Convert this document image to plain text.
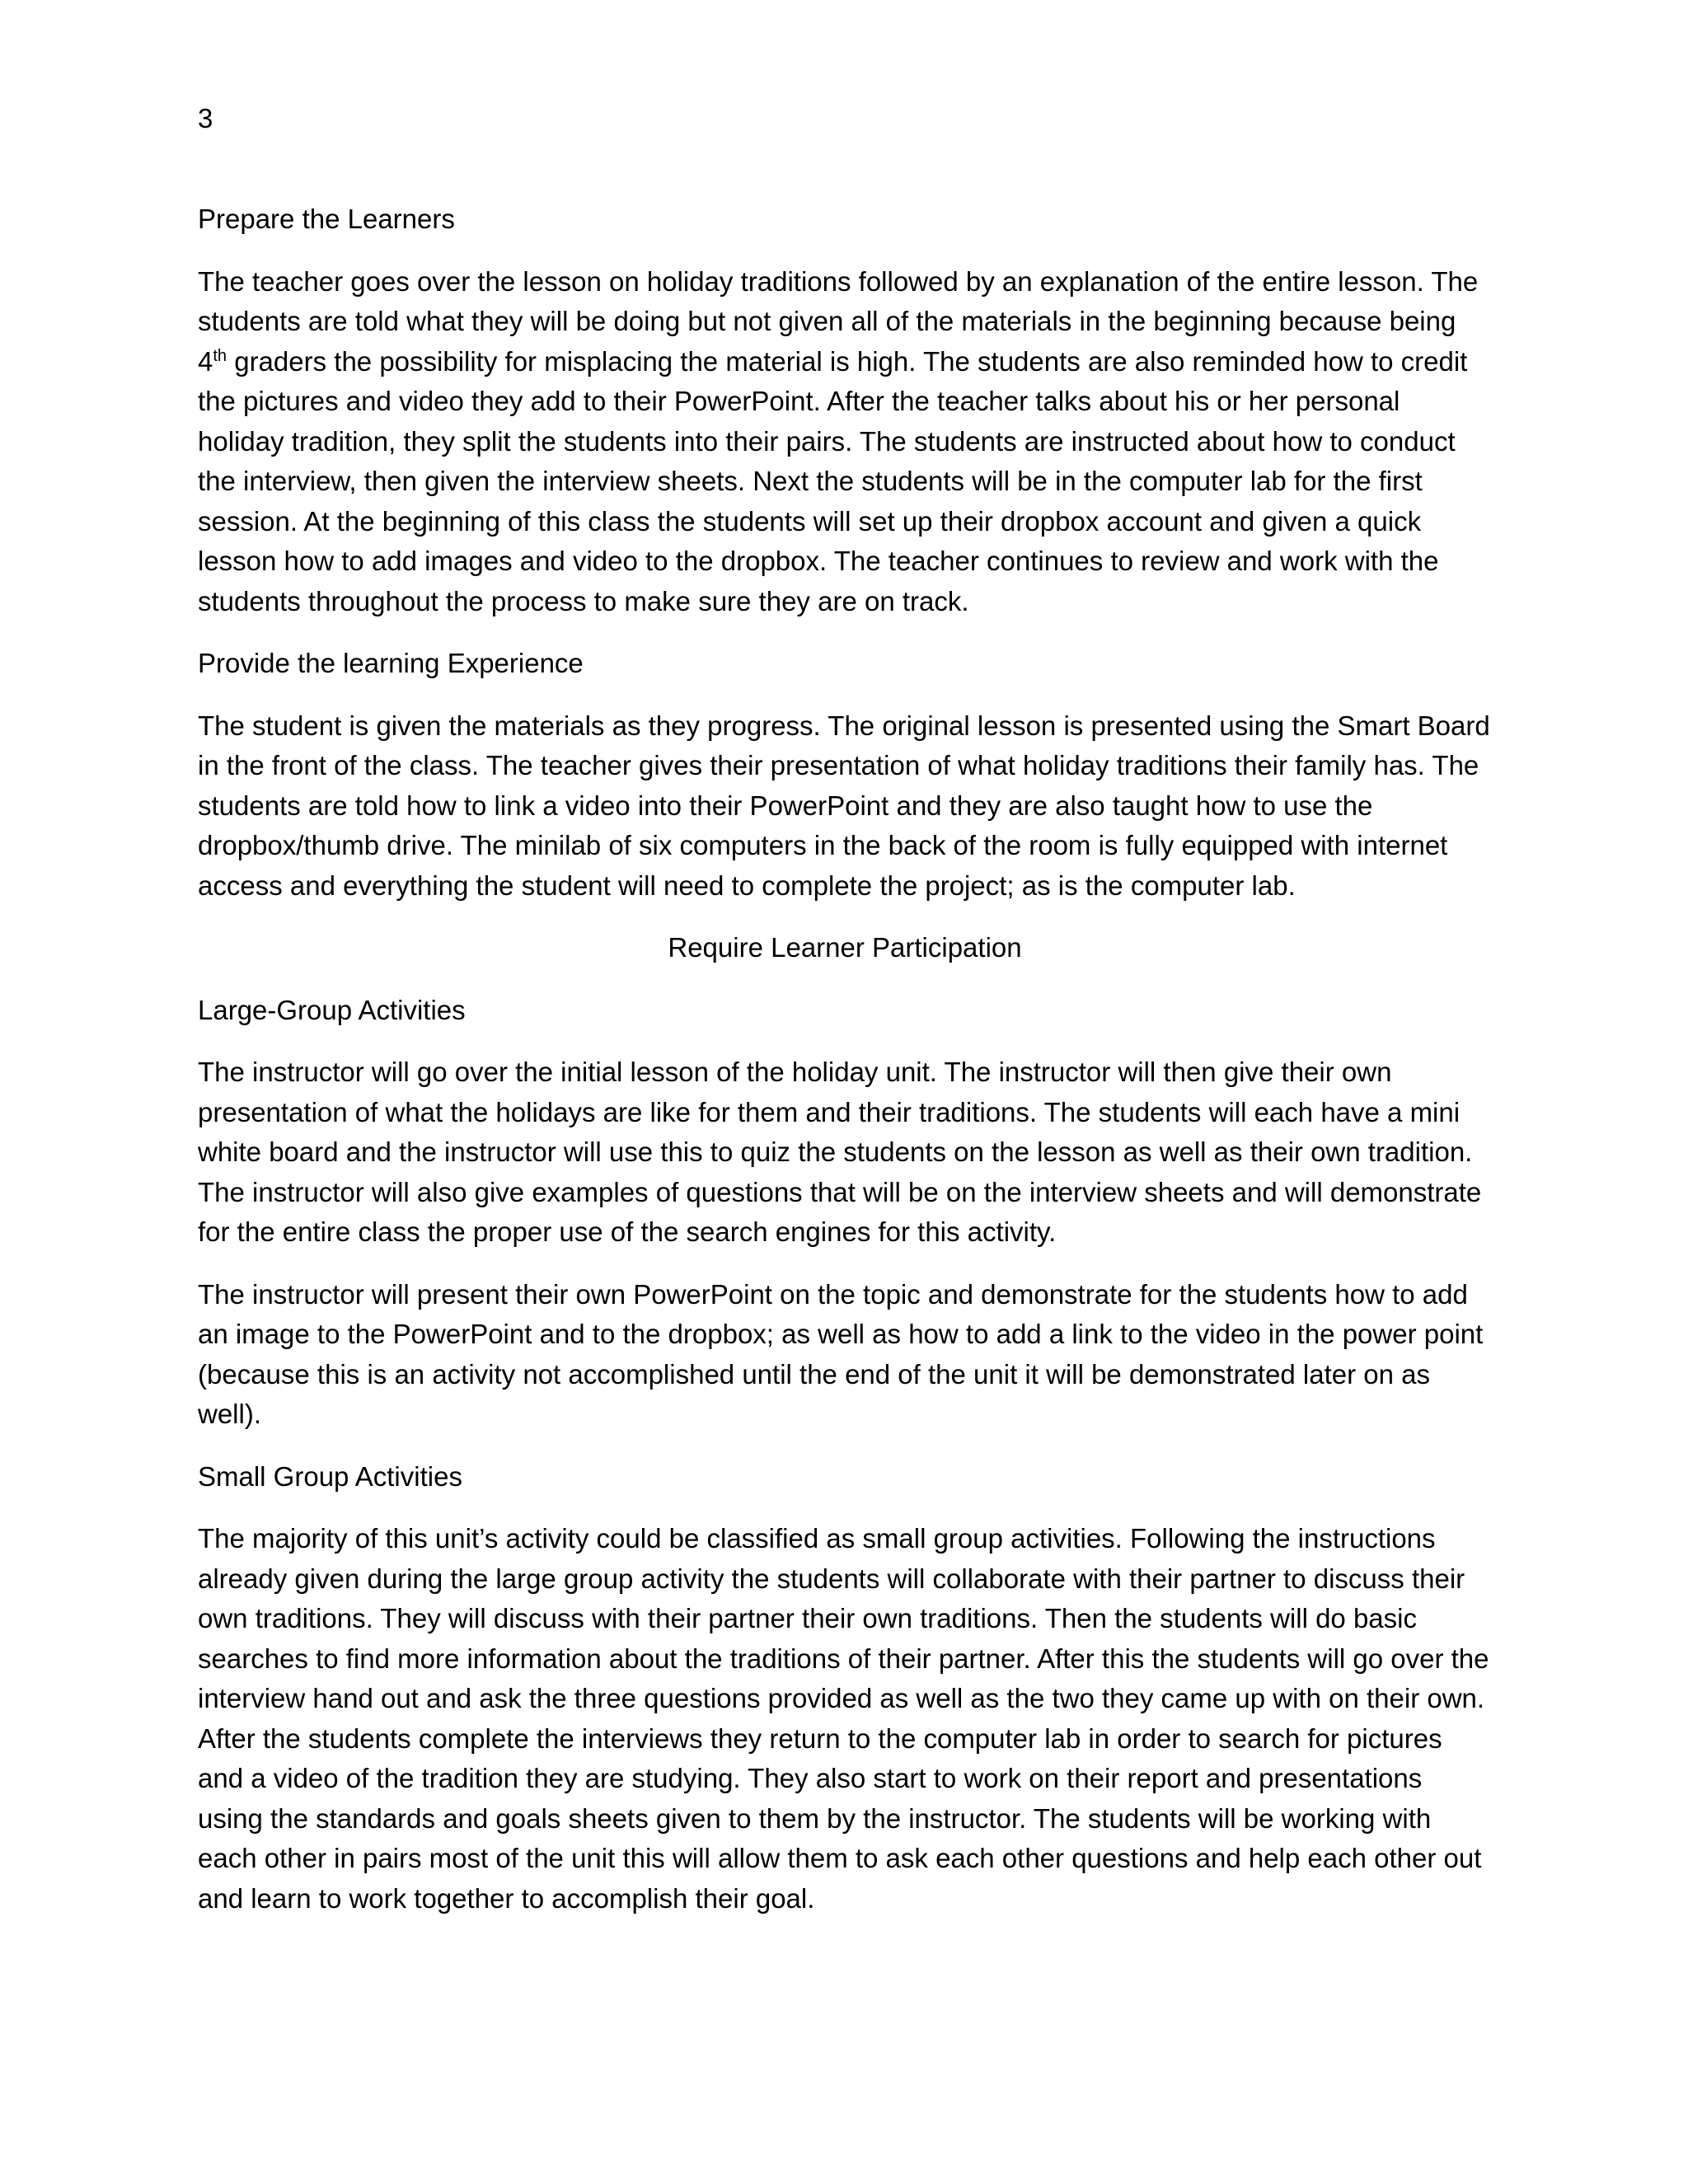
3

Prepare the Learners

The teacher goes over the lesson on holiday traditions followed by an explanation of the entire lesson. The students are told what they will be doing but not given all of the materials in the beginning because being 4th graders the possibility for misplacing the material is high. The students are also reminded how to credit the pictures and video they add to their PowerPoint. After the teacher talks about his or her personal holiday tradition, they split the students into their pairs. The students are instructed about how to conduct the interview, then given the interview sheets. Next the students will be in the computer lab for the first session. At the beginning of this class the students will set up their dropbox account and given a quick lesson how to add images and video to the dropbox. The teacher continues to review and work with the students throughout the process to make sure they are on track.

Provide the learning Experience

The student is given the materials as they progress. The original lesson is presented using the Smart Board in the front of the class. The teacher gives their presentation of what holiday traditions their family has. The students are told how to link a video into their PowerPoint and they are also taught how to use the dropbox/thumb drive. The minilab of six computers in the back of the room is fully equipped with internet access and everything the student will need to complete the project; as is the computer lab.

Require Learner Participation

Large-Group Activities

The instructor will go over the initial lesson of the holiday unit. The instructor will then give their own presentation of what the holidays are like for them and their traditions. The students will each have a mini white board and the instructor will use this to quiz the students on the lesson as well as their own tradition. The instructor will also give examples of questions that will be on the interview sheets and will demonstrate for the entire class the proper use of the search engines for this activity.

The instructor will present their own PowerPoint on the topic and demonstrate for the students how to add an image to the PowerPoint and to the dropbox; as well as how to add a link to the video in the power point (because this is an activity not accomplished until the end of the unit it will be demonstrated later on as well).

Small Group Activities

The majority of this unit’s activity could be classified as small group activities. Following the instructions already given during the large group activity the students will collaborate with their partner to discuss their own traditions. They will discuss with their partner their own traditions. Then the students will do basic searches to find more information about the traditions of their partner. After this the students will go over the interview hand out and ask the three questions provided as well as the two they came up with on their own. After the students complete the interviews they return to the computer lab in order to search for pictures and a video of the tradition they are studying. They also start to work on their report and presentations using the standards and goals sheets given to them by the instructor. The students will be working with each other in pairs most of the unit this will allow them to ask each other questions and help each other out and learn to work together to accomplish their goal.
